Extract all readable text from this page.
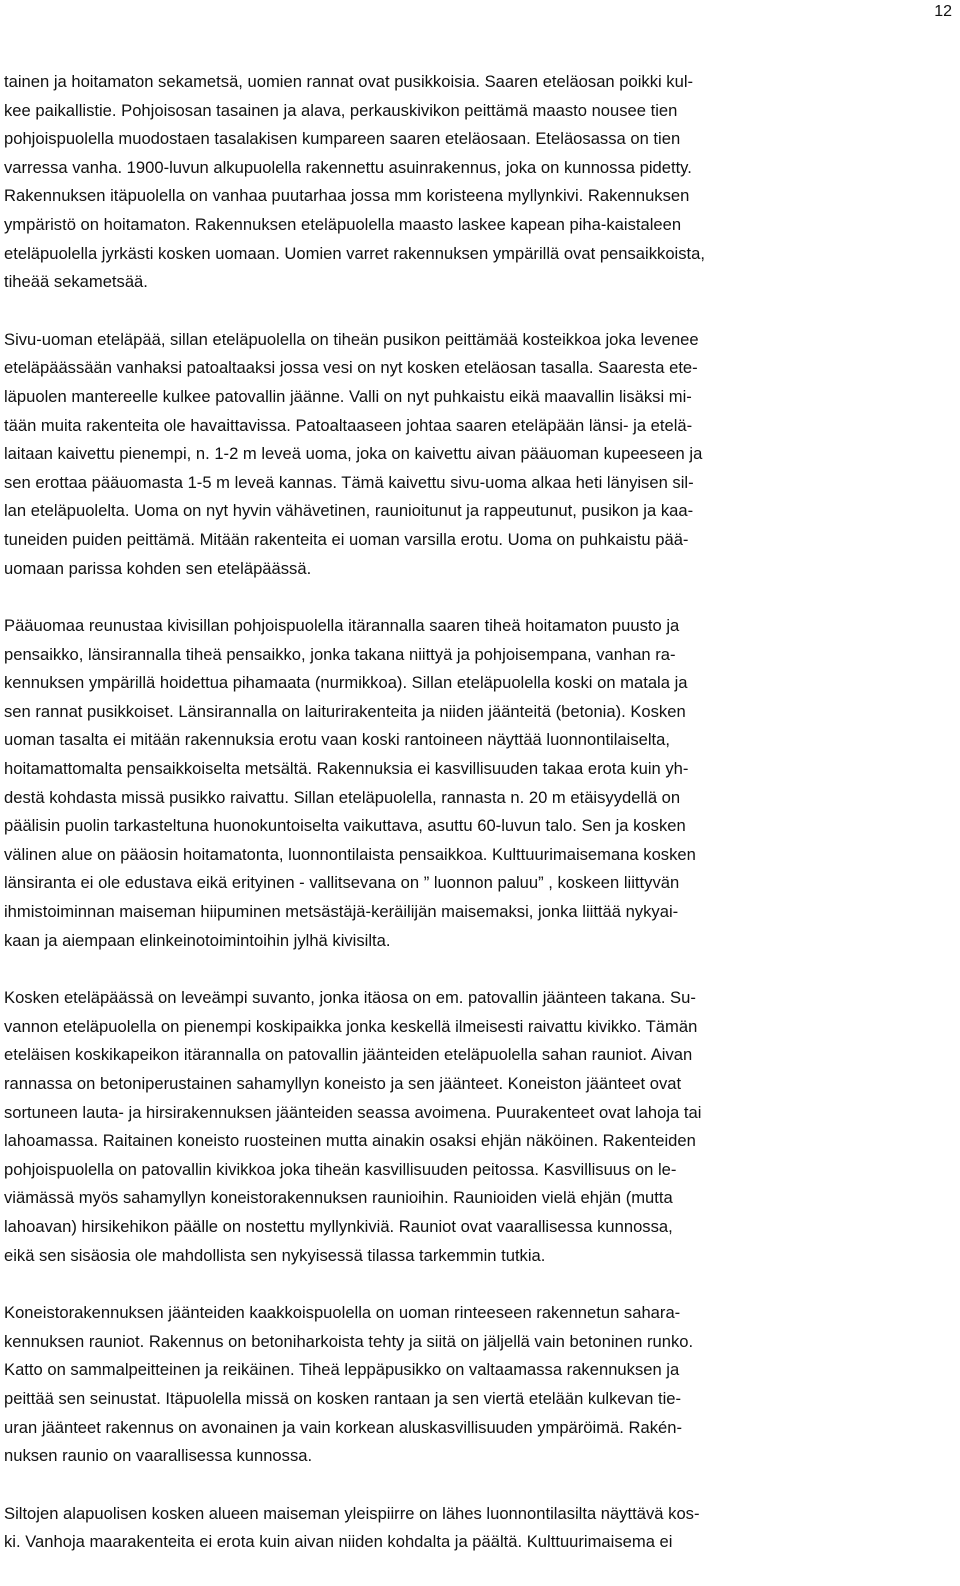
12
tainen ja hoitamaton sekametsä, uomien rannat ovat pusikkoisia. Saaren eteläosan poikki kul-
kee paikallistie. Pohjoisosan tasainen ja alava, perkauskivikon peittämä maasto nousee tien
pohjoispuolella muodostaen tasalakisen kumpareen saaren eteläosaan. Eteläosassa on tien
varressa vanha. 1900-luvun alkupuolella rakennettu asuinrakennus, joka on kunnossa pidetty.
Rakennuksen itäpuolella on vanhaa puutarhaa jossa mm koristeena myllynkivi. Rakennuksen
ympäristö on hoitamaton. Rakennuksen eteläpuolella maasto laskee kapean piha-kaistaleen
eteläpuolella jyrkästi kosken uomaan. Uomien varret rakennuksen ympärillä ovat pensaikkoista,
tiheää sekametsää.
Sivu-uoman eteläpää, sillan eteläpuolella on tiheän pusikon peittämää kosteikkoa joka levenee
eteläpäässään vanhaksi patoaltaaksi jossa vesi on nyt kosken eteläosan tasalla. Saaresta ete-
läpuolen mantereelle kulkee patovallin jäänne. Valli on nyt puhkaistu eikä maavallin lisäksi mi-
tään muita rakenteita ole havaittavissa. Patoaltaaseen johtaa saaren eteläpään länsi- ja etelä-
laitaan kaivettu pienempi, n. 1-2 m leveä uoma, joka on kaivettu aivan pääuoman kupeeseen ja
sen erottaa pääuomasta 1-5 m leveä kannas. Tämä kaivettu sivu-uoma alkaa heti länyisen sil-
lan eteläpuolelta. Uoma on nyt hyvin vähävetinen, raunioitunut ja rappeutunut, pusikon ja kaa-
tuneiden puiden peittämä. Mitään rakenteita ei uoman varsilla erotu. Uoma on puhkaistu pää-
uomaan parissa kohden sen eteläpäässä.
Pääuomaa reunustaa kivisillan pohjoispuolella itärannalla saaren tiheä hoitamaton puusto ja
pensaikko, länsirannalla tiheä pensaikko, jonka takana niittyä ja pohjoisempana, vanhan ra-
kennuksen ympärillä hoidettua pihamaata (nurmikkoa). Sillan eteläpuolella koski on matala ja
sen rannat pusikkoiset. Länsirannalla on laiturirakenteita ja niiden jäänteitä (betonia). Kosken
uoman tasalta ei mitään rakennuksia erotu vaan koski rantoineen näyttää luonnontilaiselta,
hoitamattomalta pensaikkoiselta metsältä. Rakennuksia ei kasvillisuuden takaa erota kuin yh-
destä kohdasta missä pusikko raivattu. Sillan eteläpuolella, rannasta n. 20 m etäisyydellä on
päälisin puolin tarkasteltuna huonokuntoiselta vaikuttava, asuttu 60-luvun talo. Sen ja kosken
välinen alue on pääosin hoitamatonta, luonnontilaista pensaikkoa. Kulttuurimaisemana kosken
länsiranta ei ole edustava eikä erityinen - vallitsevana on ” luonnon paluu” , koskeen liittyvän
ihmistoiminnan maiseman hiipuminen metsästäjä-keräilijän maisemaksi, jonka liittää nykyai-
kaan ja aiempaan elinkeinotoimintoihin jylhä kivisilta.
Kosken eteläpäässä on leveämpi suvanto, jonka itäosa on em. patovallin jäänteen takana. Su-
vannon eteläpuolella on pienempi koskipaikka jonka keskellä ilmeisesti raivattu kivikko. Tämän
eteläisen koskikapeikon itärannalla on patovallin jäänteiden eteläpuolella sahan rauniot. Aivan
rannassa on betoniperustainen sahamyllyn koneisto ja sen jäänteet. Koneiston jäänteet ovat
sortuneen lauta- ja hirsirakennuksen jäänteiden seassa avoimena. Puurakenteet ovat lahoja tai
lahoamassa. Raitainen koneisto ruosteinen mutta ainakin osaksi ehjän näköinen. Rakenteiden
pohjoispuolella on patovallin kivikkoa joka tiheän kasvillisuuden peitossa. Kasvillisuus on le-
viämässä myös sahamyllyn koneistorakennuksen raunioihin. Raunioiden vielä ehjän (mutta
lahoavan) hirsikehikon päälle on nostettu myllynkiviä. Rauniot ovat vaarallisessa kunnossa,
eikä sen sisäosia ole mahdollista sen nykyisessä tilassa tarkemmin tutkia.
Koneistorakennuksen jäänteiden kaakkoispuolella on uoman rinteeseen rakennetun sahara-
kennuksen rauniot. Rakennus on betoniharkoista tehty ja siitä on jäljellä vain betoninen runko.
Katto on sammalpeitteinen ja reikäinen. Tiheä leppäpusikko on valtaamassa rakennuksen ja
peittää sen seinustat. Itäpuolella missä on kosken rantaan ja sen viertä etelään kulkevan tie-
uran jäänteet rakennus on avonainen ja vain korkean aluskasvillisuuden ympäröimä. Rakén-
nuksen raunio on vaarallisessa kunnossa.
Siltojen alapuolisen kosken alueen maiseman yleispiirre on lähes luonnontilasilta näyttävä kos-
ki. Vanhoja maarakenteita ei erota kuin aivan niiden kohdalta ja päältä. Kulttuurimaisema ei
